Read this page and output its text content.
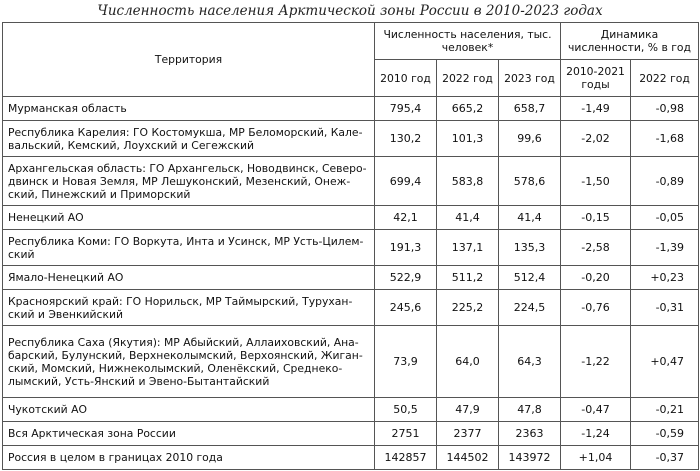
Численность населения Арктической зоны России в 2010-2023 годах
Территория	Численность населения, тыс. человек*			Динамика численности, % в год	
	2010 год	2022 год	2023 год	2010-2021 годы	2022 год
Мурманская область	795,4	665,2	658,7	-1,49	-0,98
Республика Карелия: ГО Костомукша, МР Беломорский, Кале-вальский, Кемский, Лоухский и Сегежский	130,2	101,3	99,6	-2,02	-1,68
Архангельская область: ГО Архангельск, Новодвинск, Северо-двинск и Новая Земля, МР Лешуконский, Мезенский, Онеж-ский, Пинежский и Приморский	699,4	583,8	578,6	-1,50	-0,89
Ненецкий АО	42,1	41,4	41,4	-0,15	-0,05
Республика Коми: ГО Воркута, Инта и Усинск, МР Усть-Цилем-ский	191,3	137,1	135,3	-2,58	-1,39
Ямало-Ненецкий АО	522,9	511,2	512,4	-0,20	+0,23
Красноярский край: ГО Норильск, МР Таймырский, Турухан-ский и Эвенкийский	245,6	225,2	224,5	-0,76	-0,31
Республика Саха (Якутия): МР Абыйский, Аллаиховский, Ана-барский, Булунский, Верхнеколымский, Верхоянский, Жиган-ский, Момский, Нижнеколымский, Оленёкский, Среднеко-лымский, Усть-Янский и Эвено-Бытантайский	73,9	64,0	64,3	-1,22	+0,47
Чукотский АО	50,5	47,9	47,8	-0,47	-0,21
Вся Арктическая зона России	2751	2377	2363	-1,24	-0,59
Россия в целом в границах 2010 года	142857	144502	143972	+1,04	-0,37
